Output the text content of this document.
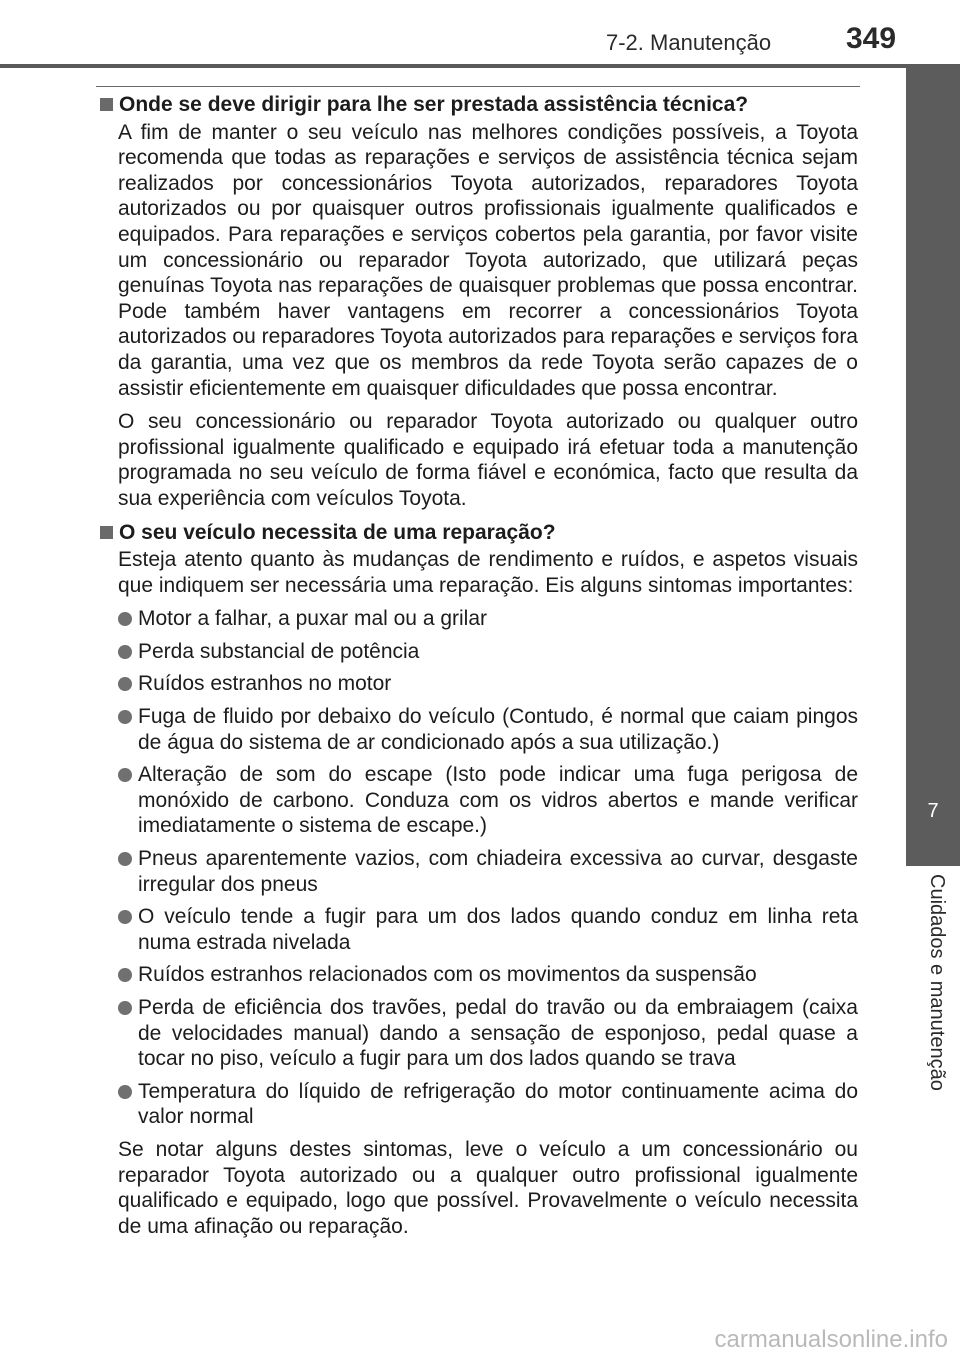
7-2. Manutenção 349
7
Cuidados e manutenção
Onde se deve dirigir para lhe ser prestada assistência técnica?

A fim de manter o seu veículo nas melhores condições possíveis, a Toyota recomenda que todas as reparações e serviços de assistência técnica sejam realizados por concessionários Toyota autorizados, reparadores Toyota autorizados ou por quaisquer outros profissionais igualmente qualificados e equipados. Para reparações e serviços cobertos pela garantia, por favor visite um concessionário ou reparador Toyota autorizado, que utilizará peças genuínas Toyota nas reparações de quaisquer problemas que possa encontrar. Pode também haver vantagens em recorrer a concessionários Toyota autorizados ou reparadores Toyota autorizados para reparações e serviços fora da garantia, uma vez que os membros da rede Toyota serão capazes de o assistir eficientemente em quaisquer dificuldades que possa encontrar.

O seu concessionário ou reparador Toyota autorizado ou qualquer outro profissional igualmente qualificado e equipado irá efetuar toda a manutenção programada no seu veículo de forma fiável e económica, facto que resulta da sua experiência com veículos Toyota.

O seu veículo necessita de uma reparação?

Esteja atento quanto às mudanças de rendimento e ruídos, e aspetos visuais que indiquem ser necessária uma reparação. Eis alguns sintomas importantes:

Motor a falhar, a puxar mal ou a grilar
Perda substancial de potência
Ruídos estranhos no motor
Fuga de fluido por debaixo do veículo (Contudo, é normal que caiam pingos de água do sistema de ar condicionado após a sua utilização.)
Alteração de som do escape (Isto pode indicar uma fuga perigosa de monóxido de carbono. Conduza com os vidros abertos e mande verificar imediatamente o sistema de escape.)
Pneus aparentemente vazios, com chiadeira excessiva ao curvar, desgaste irregular dos pneus
O veículo tende a fugir para um dos lados quando conduz em linha reta numa estrada nivelada
Ruídos estranhos relacionados com os movimentos da suspensão
Perda de eficiência dos travões, pedal do travão ou da embraiagem (caixa de velocidades manual) dando a sensação de esponjoso, pedal quase a tocar no piso, veículo a fugir para um dos lados quando se trava
Temperatura do líquido de refrigeração do motor continuamente acima do valor normal

Se notar alguns destes sintomas, leve o veículo a um concessionário ou reparador Toyota autorizado ou a qualquer outro profissional igualmente qualificado e equipado, logo que possível. Provavelmente o veículo necessita de uma afinação ou reparação.

carmanualsonline.info
